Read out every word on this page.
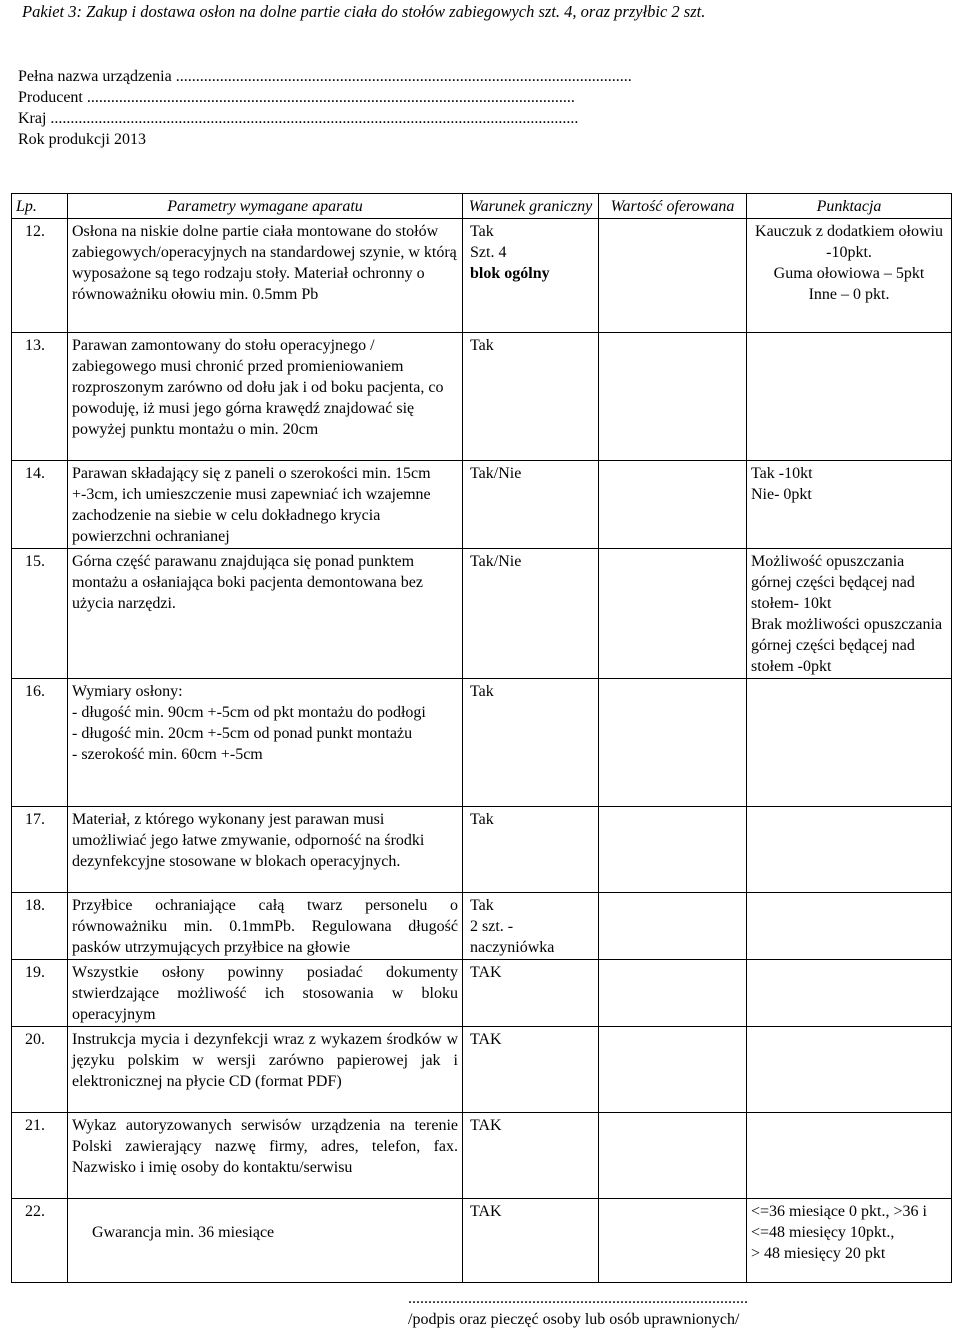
Pakiet 3: Zakup i dostawa osłon na dolne partie ciała do stołów zabiegowych szt. 4, oraz przyłbic 2 szt.
Pełna nazwa urządzenia ..................................................................................................................
Producent ..........................................................................................................................
Kraj ....................................................................................................................................
Rok produkcji 2013
Lp.	Parametry wymagane aparatu	Warunek graniczny	Wartość oferowana	Punktacja
12.	Osłona na niskie dolne partie ciała montowane do stołów zabiegowych/operacyjnych na standardowej szynie, w którą wyposażone są tego rodzaju stoły. Materiał ochronny o równoważniku ołowiu min. 0.5mm Pb	Tak
Szt. 4
blok ogólny		Kauczuk z dodatkiem ołowiu -10pkt.
Guma ołowiowa – 5pkt
Inne – 0 pkt.
13.	Parawan zamontowany do stołu operacyjnego / zabiegowego musi chronić przed promieniowaniem rozproszonym zarówno od dołu jak i od boku pacjenta, co powoduję, iż musi jego górna krawędź znajdować się powyżej punktu montażu o min. 20cm	Tak		

14.	Parawan składający się z paneli o szerokości min. 15cm +-3cm, ich umieszczenie musi zapewniać ich wzajemne zachodzenie na siebie w celu dokładnego krycia powierzchni ochranianej	Tak/Nie		Tak -10kt
Nie- 0pkt
15.	Górna część parawanu znajdująca się ponad punktem montażu a osłaniająca boki pacjenta demontowana bez użycia narzędzi.	Tak/Nie		Możliwość opuszczania górnej części będącej nad stołem- 10kt
Brak możliwości opuszczania górnej części będącej nad stołem -0pkt
16.	Wymiary osłony:
- długość min. 90cm +-5cm od pkt montażu do podłogi
- długość min. 20cm +-5cm od ponad punkt montażu
- szerokość min. 60cm +-5cm	Tak		

17.	Materiał, z którego wykonany jest parawan musi umożliwiać jego łatwe zmywanie, odporność na środki dezynfekcyjne stosowane w blokach operacyjnych.	Tak		

18.	Przyłbice ochraniające całą twarz personelu o równoważniku min. 0.1mmPb. Regulowana długość pasków utrzymujących przyłbice na głowie	Tak
2 szt. - naczyniówka		

19.	Wszystkie osłony powinny posiadać dokumenty stwierdzające możliwość ich stosowania w bloku operacyjnym	TAK		

20.	Instrukcja mycia i dezynfekcji wraz z wykazem środków w języku polskim w wersji zarówno papierowej jak i elektronicznej na płycie CD (format PDF)	TAK		

21.	Wykaz autoryzowanych serwisów urządzenia na terenie Polski zawierający nazwę firmy, adres, telefon, fax. Nazwisko i imię osoby do kontaktu/serwisu	TAK		

22.	Gwarancja min. 36 miesiące	TAK		<=36 miesiące 0 pkt., >36 i <=48 miesięcy 10pkt.,
> 48 miesięcy 20 pkt
.....................................................................................
/podpis oraz pieczęć osoby lub osób uprawnionych/
